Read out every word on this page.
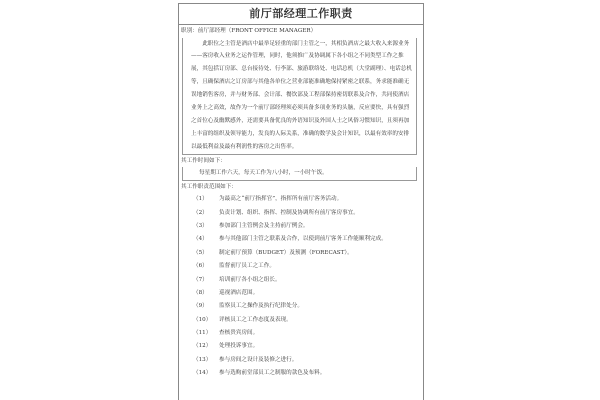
前厅部经理工作职责
职别：前厅部经理（FRONT OFFICE MANAGER）

此职位之主管是酒店中最举足轻重的部门主管之一，其相负酒店之最大收入来源业务——客房收入业务之运作管理，同时，他须推广及协调属下各小组之不同类型工作之推展，其包括订房部、总台接待处、行李部、旅游联络处、电话总机（大堂副理）、电话总机等，且确保酒店之订房部与其他各单位之营业部能准确地保持紧密之联系，务求能准确无误地销售客房，并与财务部、会计部、餐饮部及工程部保持密切联系及合作，共同使酒店业务上之高效，故作为一个前厅部经理须必须具备多项业务的头脑，反应要快，具有强烈之首位心及幽默感外，还需要具备优良的外语知识及外国人士之风俗习惯知识，且须再加上丰富的组织及领导能力，发良的人际关系，准确的数学及会计知识，以最有效率的安排以最低利益及最有利润性的客房之出售率。

其工作时间如下：
每星期工作六天，每天工作为八小时，一小时午饭。
其工作职责范围如下：
（1） 为最高之“前厅指挥官”，指挥所有前厅客务活动。
（2） 负责计划、组织、指挥、控制及协调所有前厅客房事宜。
（3） 参加部门主管例会及主持前厅例会。
（4） 参与其他部门主管之联系及合作，以使到前厅客务工作能顺利完成。
（5） 制定前厅预算（BUDGET）及预测（FORECAST）。
（6） 监督前厅员工之工作。
（7） 培训前厅各小组之组长。
（8） 巡视酒店范围。
（9） 监察员工之操作及执行纪律处分。
（10） 评核员工之工作态度及表现。
（11） 查核贵宾房间。
（12） 处理投诉事宜。
（13） 参与房间之设计及装修之进行。
（14） 参与选购前堂部员工之制服的款色及布料。
